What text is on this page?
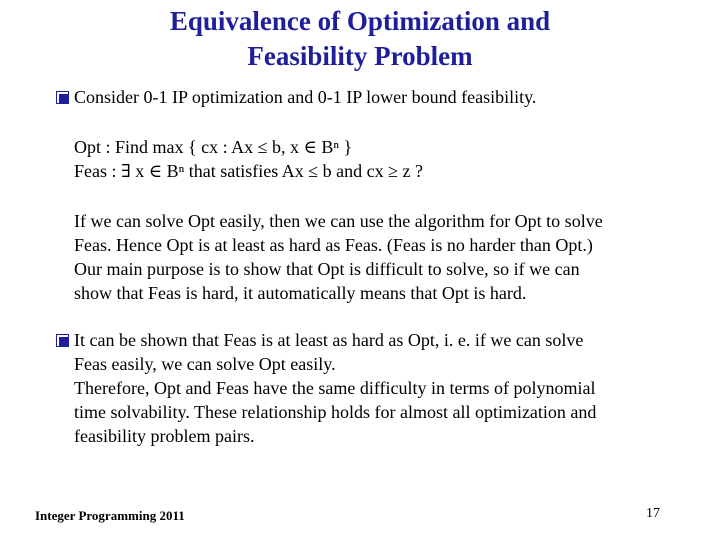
Equivalence of Optimization and
Feasibility Problem
Consider 0-1 IP optimization and 0-1 IP lower bound feasibility.
Opt : Find max { cx : Ax ≤ b, x ∈ Bⁿ }
Feas : ∃ x ∈ Bⁿ that satisfies Ax ≤ b and cx ≥ z ?
If we can solve Opt easily, then we can use the algorithm for Opt to solve
Feas. Hence Opt is at least as hard as Feas. (Feas is no harder than Opt.)
Our main purpose is to show that Opt is difficult to solve, so if we can
show that Feas is hard, it automatically means that Opt is hard.
It can be shown that Feas is at least as hard as Opt, i. e. if we can solve
Feas easily, we can solve Opt easily.
Therefore, Opt and Feas have the same difficulty in terms of polynomial
time solvability. These relationship holds for almost all optimization and
feasibility problem pairs.
Integer Programming 2011	17
